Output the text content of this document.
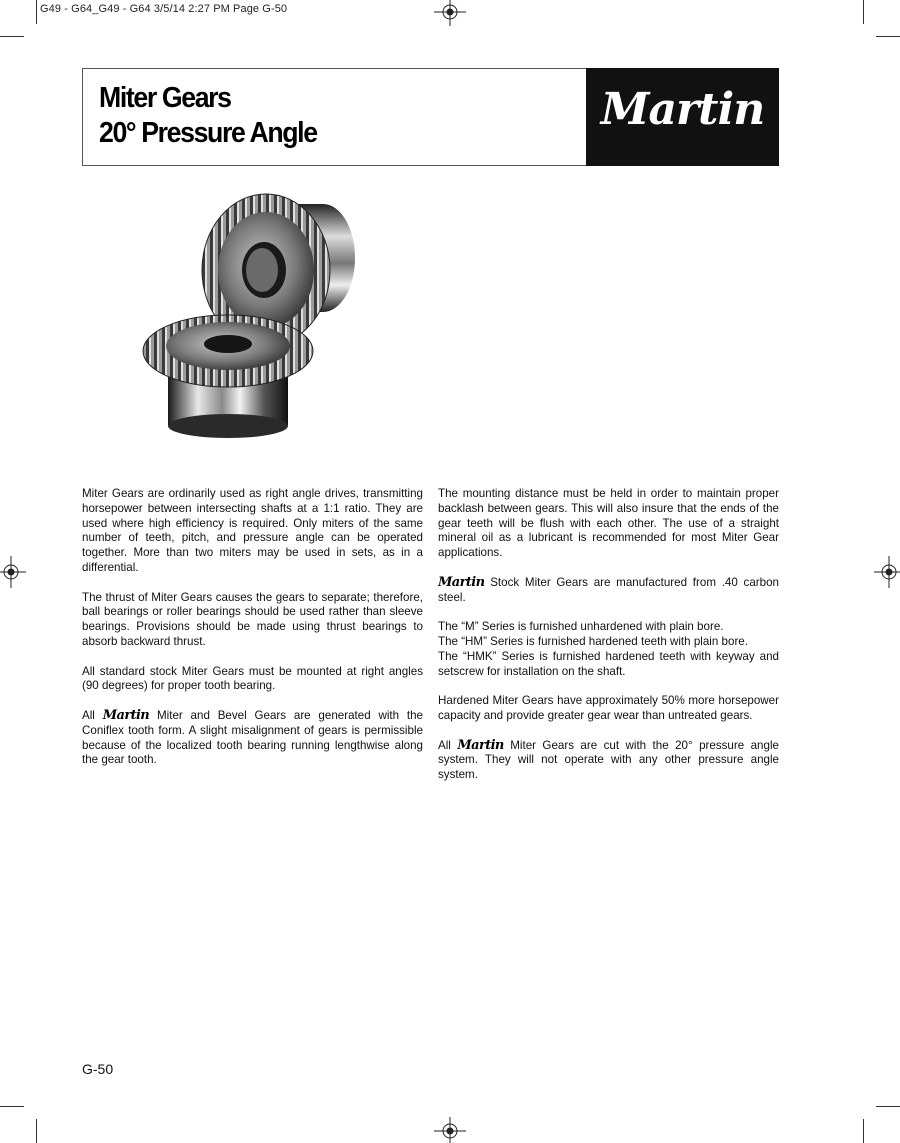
G49 - G64_G49 - G64 3/5/14 2:27 PM Page G-50
Miter Gears
20° Pressure Angle	Martin

Miter Gears are ordinarily used as right angle drives, transmitting horsepower between intersecting shafts at a 1:1 ratio. They are used where high efficiency is required. Only miters of the same number of teeth, pitch, and pressure angle can be operated together. More than two miters may be used in sets, as in a differential.

The thrust of Miter Gears causes the gears to separate; therefore, ball bearings or roller bearings should be used rather than sleeve bearings. Provisions should be made using thrust bearings to absorb backward thrust.

All standard stock Miter Gears must be mounted at right angles (90 degrees) for proper tooth bearing.

All Martin Miter and Bevel Gears are generated with the Coniflex tooth form. A slight misalignment of gears is permissible because of the localized tooth bearing running lengthwise along the gear tooth.

The mounting distance must be held in order to maintain proper backlash between gears. This will also insure that the ends of the gear teeth will be flush with each other. The use of a straight mineral oil as a lubricant is recommended for most Miter Gear applications.

Martin Stock Miter Gears are manufactured from .40 carbon steel.

The “M” Series is furnished unhardened with plain bore.

The “HM” Series is furnished hardened teeth with plain bore.

The “HMK” Series is furnished hardened teeth with keyway and setscrew for installation on the shaft.

Hardened Miter Gears have approximately 50% more horsepower capacity and provide greater gear wear than untreated gears.

All Martin Miter Gears are cut with the 20° pressure angle system. They will not operate with any other pressure angle system.

G-50
